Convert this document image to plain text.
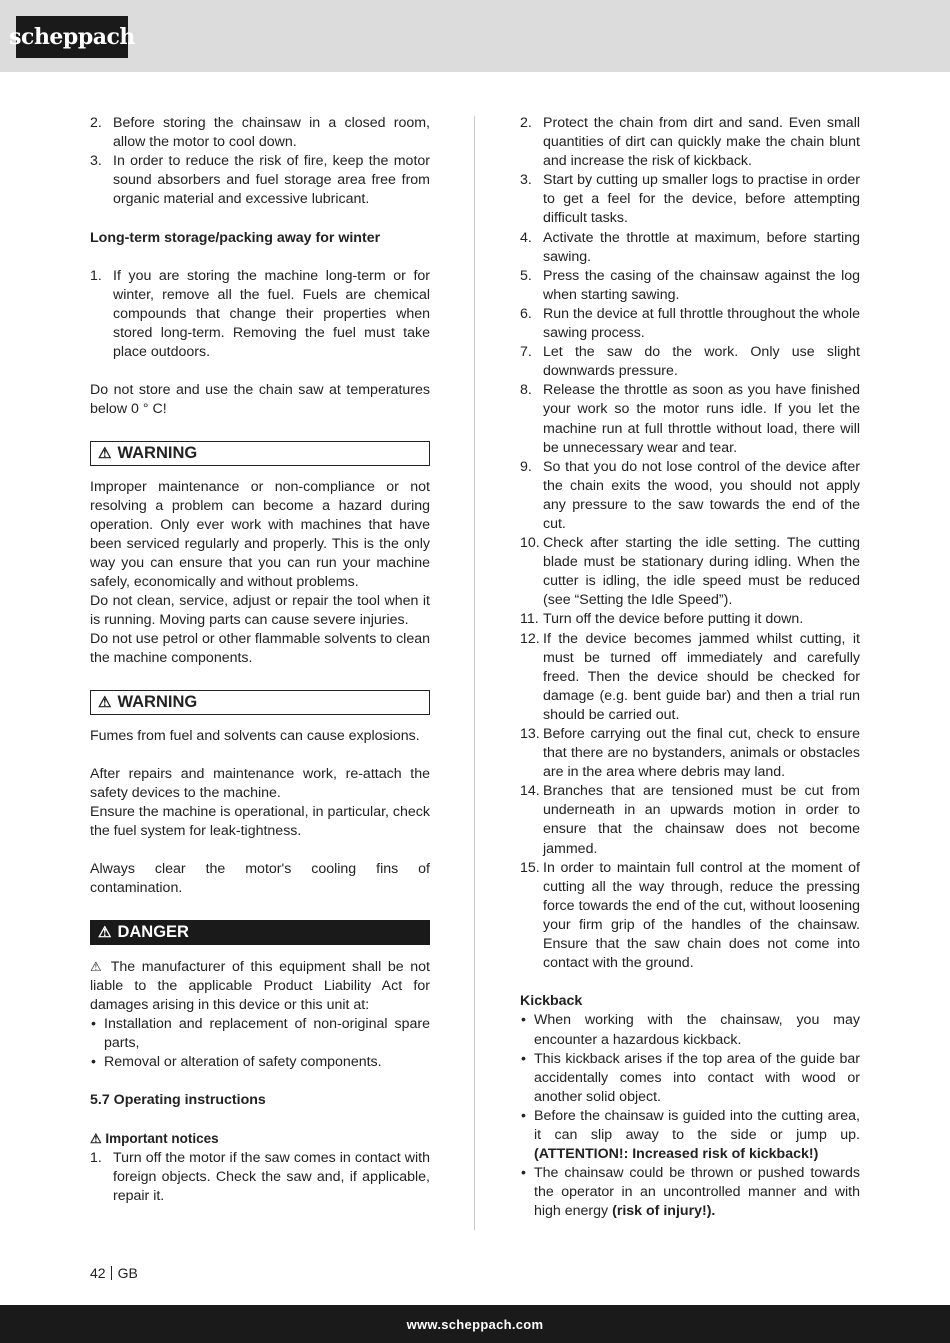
scheppach
2. Before storing the chainsaw in a closed room, allow the motor to cool down.
3. In order to reduce the risk of fire, keep the motor sound absorbers and fuel storage area free from organic material and excessive lubricant.

Long-term storage/packing away for winter

1. If you are storing the machine long-term or for winter, remove all the fuel. Fuels are chemical compounds that change their properties when stored long-term. Removing the fuel must take place outdoors.

Do not store and use the chain saw at temperatures below 0 ° C!

⚠ WARNING

Improper maintenance or non-compliance or not resolving a problem can become a hazard during operation. Only ever work with machines that have been serviced regularly and properly. This is the only way you can ensure that you can run your machine safely, economically and without problems.

Do not clean, service, adjust or repair the tool when it is running. Moving parts can cause severe injuries.

Do not use petrol or other flammable solvents to clean the machine components.

⚠ WARNING

Fumes from fuel and solvents can cause explosions.

After repairs and maintenance work, re-attach the safety devices to the machine.

Ensure the machine is operational, in particular, check the fuel system for leak-tightness.

Always clear the motor's cooling fins of contamination.

⚠ DANGER

⚠ The manufacturer of this equipment shall be not liable to the applicable Product Liability Act for damages arising in this device or this unit at:

• Installation and replacement of non-original spare parts,
• Removal or alteration of safety components.

5.7 Operating instructions

⚠ Important notices

1. Turn off the motor if the saw comes in contact with foreign objects. Check the saw and, if applicable, repair it.
2. Protect the chain from dirt and sand. Even small quantities of dirt can quickly make the chain blunt and increase the risk of kickback.
3. Start by cutting up smaller logs to practise in order to get a feel for the device, before attempting difficult tasks.
4. Activate the throttle at maximum, before starting sawing.
5. Press the casing of the chainsaw against the log when starting sawing.
6. Run the device at full throttle throughout the whole sawing process.
7. Let the saw do the work. Only use slight downwards pressure.
8. Release the throttle as soon as you have finished your work so the motor runs idle. If you let the machine run at full throttle without load, there will be unnecessary wear and tear.
9. So that you do not lose control of the device after the chain exits the wood, you should not apply any pressure to the saw towards the end of the cut.
10. Check after starting the idle setting. The cutting blade must be stationary during idling. When the cutter is idling, the idle speed must be reduced (see “Setting the Idle Speed”).
11. Turn off the device before putting it down.
12. If the device becomes jammed whilst cutting, it must be turned off immediately and carefully freed. Then the device should be checked for damage (e.g. bent guide bar) and then a trial run should be carried out.
13. Before carrying out the final cut, check to ensure that there are no bystanders, animals or obstacles are in the area where debris may land.
14. Branches that are tensioned must be cut from underneath in an upwards motion in order to ensure that the chainsaw does not become jammed.
15. In order to maintain full control at the moment of cutting all the way through, reduce the pressing force towards the end of the cut, without loosening your firm grip of the handles of the chainsaw. Ensure that the saw chain does not come into contact with the ground.

Kickback

• When working with the chainsaw, you may encounter a hazardous kickback.
• This kickback arises if the top area of the guide bar accidentally comes into contact with wood or another solid object.
• Before the chainsaw is guided into the cutting area, it can slip away to the side or jump up. (ATTENTION!: Increased risk of kickback!)
• The chainsaw could be thrown or pushed towards the operator in an uncontrolled manner and with high energy (risk of injury!).
42 GB
www.scheppach.com
